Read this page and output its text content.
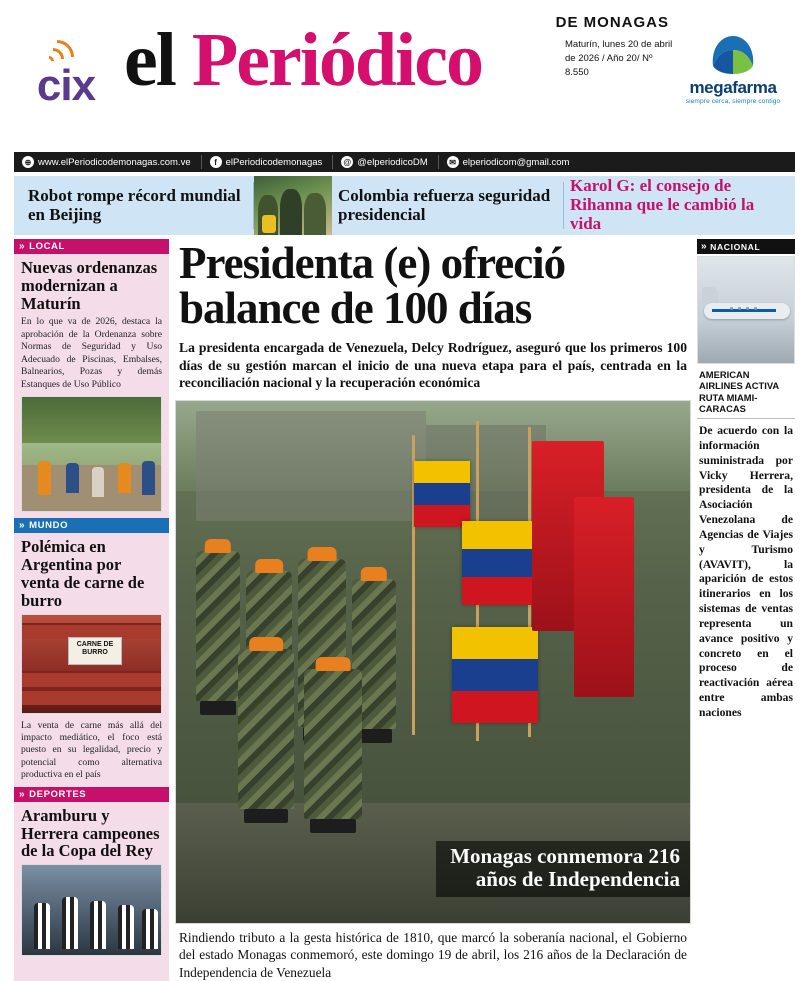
cix
DE MONAGAS
el Periódico	Maturín, lunes 20 de abril de 2026 / Año 20/ Nº 8.550
megafarma
siempre cerca, siempre contigo
⊕ www.elPeriodicodemonagas.com.ve	f elPeriodicodemonagas	@ @elperiodicoDM	✉ elperiodicom@gmail.com
Robot rompe récord mundial en Beijing
Colombia refuerza seguridad presidencial
Karol G: el consejo de Rihanna que le cambió la vida
» LOCAL
Nuevas ordenanzas modernizan a Maturín
En lo que va de 2026, destaca la aprobación de la Ordenanza sobre Normas de Seguridad y Uso Adecuado de Piscinas, Embalses, Balnearios, Pozas y demás Estanques de Uso Público
» MUNDO
Polémica en Argentina por venta de carne de burro
CARNE DE BURRO
La venta de carne más allá del impacto mediático, el foco está puesto en su legalidad, precio y potencial como alternativa productiva en el país
» DEPORTES
Aramburu y Herrera campeones de la Copa del Rey
Presidenta (e) ofreció balance de 100 días
La presidenta encargada de Venezuela, Delcy Rodríguez, aseguró que los primeros 100 días de su gestión marcan el inicio de una nueva etapa para el país, centrada en la reconciliación nacional y la recuperación económica
Monagas conmemora 216
años de Independencia
Rindiendo tributo a la gesta histórica de 1810, que marcó la soberanía nacional, el Gobierno del estado Monagas conmemoró, este domingo 19 de abril, los 216 años de la Declaración de Independencia de Venezuela
» NACIONAL
AMERICAN AIRLINES ACTIVA RUTA MIAMI-CARACAS
De acuerdo con la información suministrada por Vicky Herrera, presidenta de la Asociación Venezolana de Agencias de Viajes y Turismo (AVAVIT), la aparición de estos itinerarios en los sistemas de ventas representa un avance positivo y concreto en el proceso de reactivación aérea entre ambas naciones
